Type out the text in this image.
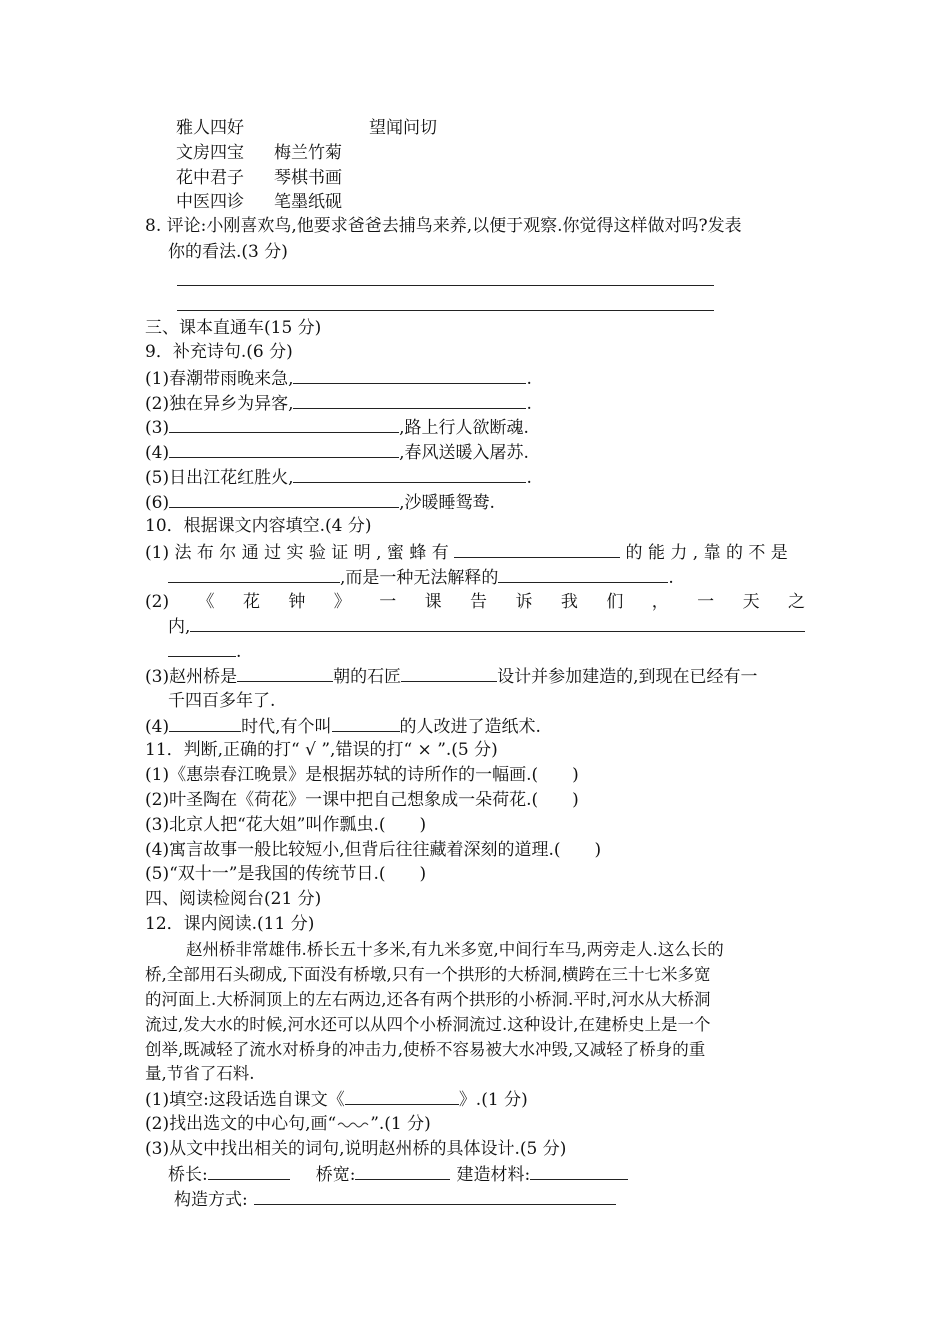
雅人四好	望闻问切
文房四宝 梅兰竹菊
花中君子 琴棋书画
中医四诊 笔墨纸砚
8. 评论:小刚喜欢鸟,他要求爸爸去捕鸟来养,以便于观察.你觉得这样做对吗?发表
你的看法.(3 分)
三、课本直通车(15 分)
9．补充诗句.(6 分)
(1)春潮带雨晚来急,	.
(2)独在异乡为异客,	.
(3)	,路上行人欲断魂.
(4)	,春风送暖入屠苏.
(5)日出江花红胜火,	.
(6)	,沙暖睡鸳鸯.
10．根据课文内容填空.(4 分)
(1) 法 布 尔 通 过 实 验 证 明 , 蜜 蜂 有	的 能 力 , 靠 的 不 是
,而是一种无法解释的	.
(2) 《 花 钟 》 一 课 告 诉 我 们 ， 一 天 之
内,
.
(3)赵州桥是	朝的石匠	设计并参加建造的,到现在已经有一
千四百多年了.
(4)	时代,有个叫	的人改进了造纸术.
11．判断,正确的打“ √ ”,错误的打“ × ”.(5 分)
(1)《惠崇春江晚景》是根据苏轼的诗所作的一幅画.(　　)
(2)叶圣陶在《荷花》一课中把自己想象成一朵荷花.(　　)
(3)北京人把“花大姐”叫作瓢虫.(　　)
(4)寓言故事一般比较短小,但背后往往藏着深刻的道理.(　　)
(5)“双十一”是我国的传统节日.(　　)
四、阅读检阅台(21 分)
12．课内阅读.(11 分)
赵州桥非常雄伟.桥长五十多米,有九米多宽,中间行车马,两旁走人.这么长的
桥,全部用石头砌成,下面没有桥墩,只有一个拱形的大桥洞,横跨在三十七米多宽
的河面上.大桥洞顶上的左右两边,还各有两个拱形的小桥洞.平时,河水从大桥洞
流过,发大水的时候,河水还可以从四个小桥洞流过.这种设计,在建桥史上是一个
创举,既减轻了流水对桥身的冲击力,使桥不容易被大水冲毁,又减轻了桥身的重
量,节省了石料.
(1)填空:这段话选自课文《	》.(1 分)
(2)找出选文的中心句,画“ ”.(1 分)
(3)从文中找出相关的词句,说明赵州桥的具体设计.(5 分)
桥长:	桥宽:	建造材料:
构造方式:
